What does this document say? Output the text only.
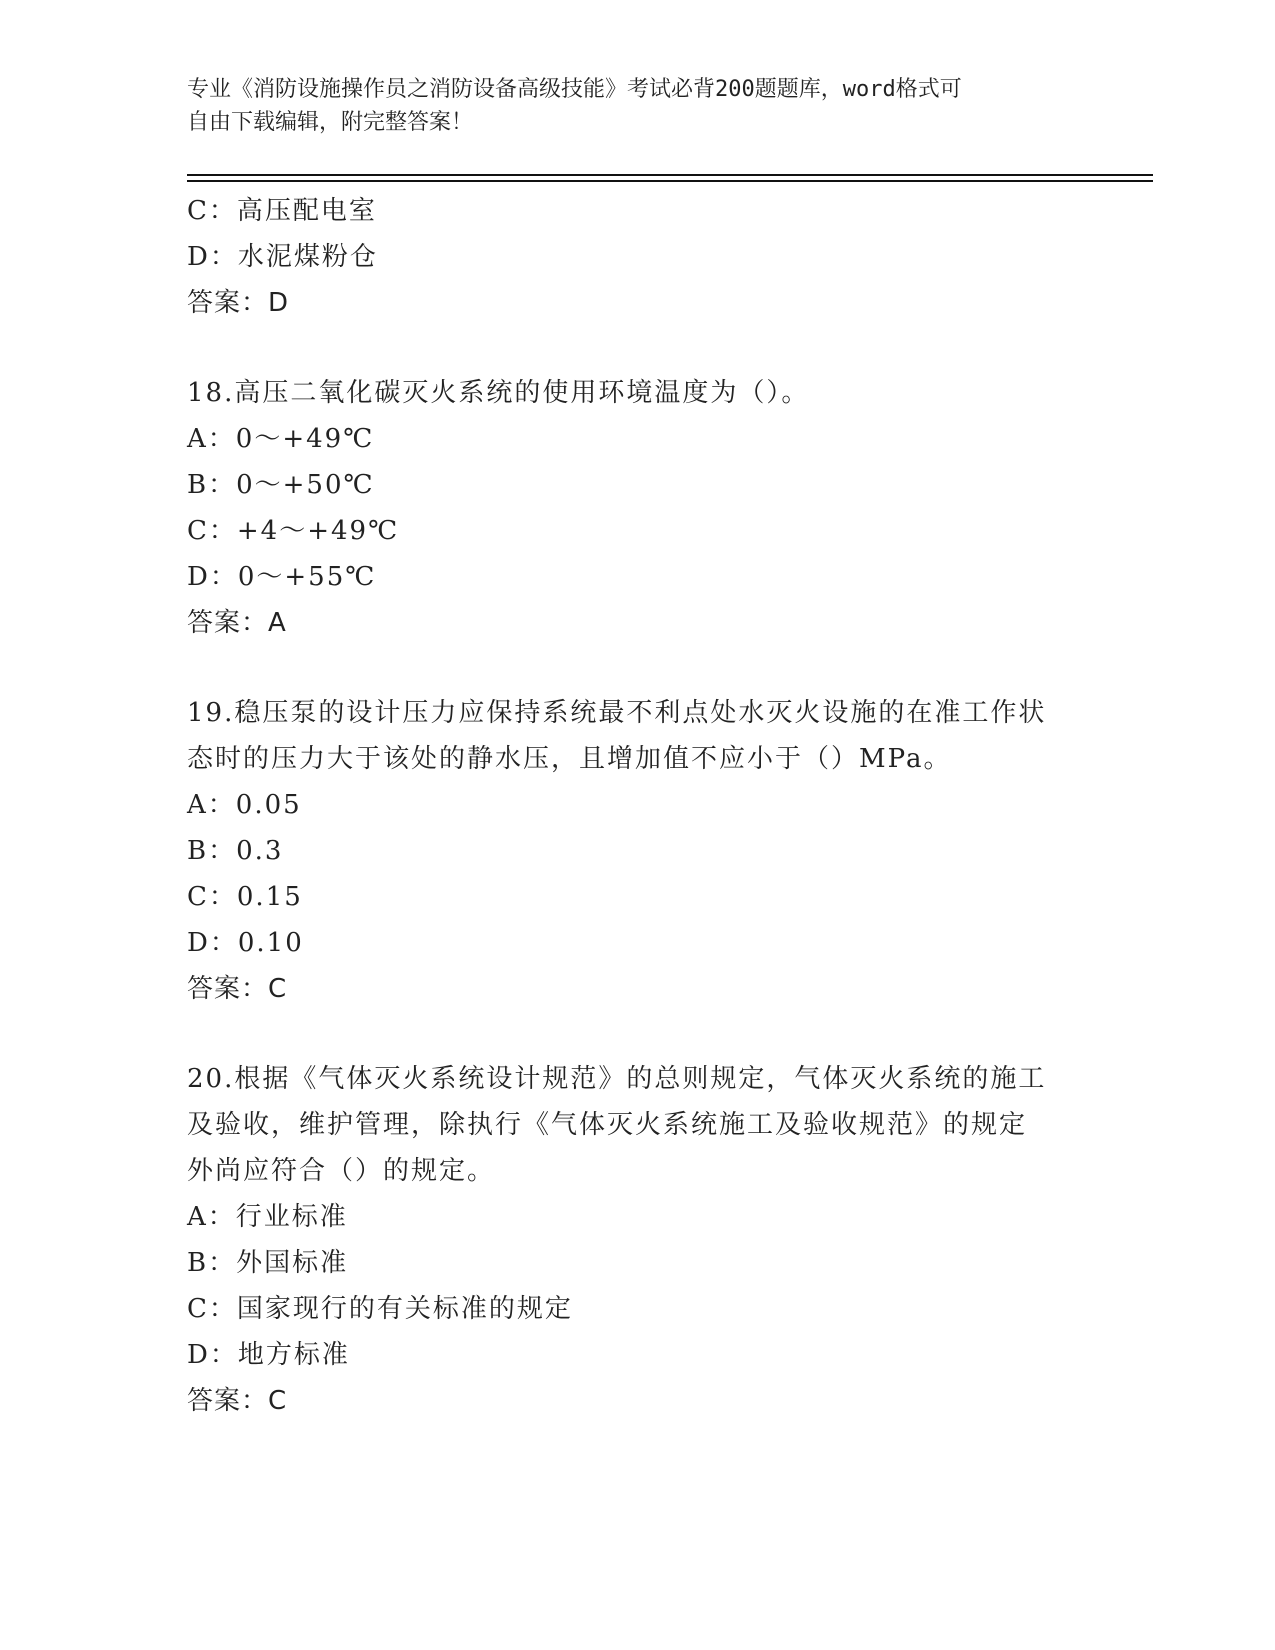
专业《消防设施操作员之消防设备高级技能》考试必背200题题库，word格式可
自由下载编辑，附完整答案！
C：高压配电室
D：水泥煤粉仓
答案：D
18.高压二氧化碳灭火系统的使用环境温度为（）。
A：0～+49℃
B：0～+50℃
C：+4～+49℃
D：0～+55℃
答案：A
19.稳压泵的设计压力应保持系统最不利点处水灭火设施的在准工作状
态时的压力大于该处的静水压，且增加值不应小于（）MPa。
A：0.05
B：0.3
C：0.15
D：0.10
答案：C
20.根据《气体灭火系统设计规范》的总则规定，气体灭火系统的施工
及验收，维护管理，除执行《气体灭火系统施工及验收规范》的规定
外尚应符合（）的规定。
A：行业标准
B：外国标准
C：国家现行的有关标准的规定
D：地方标准
答案：C
